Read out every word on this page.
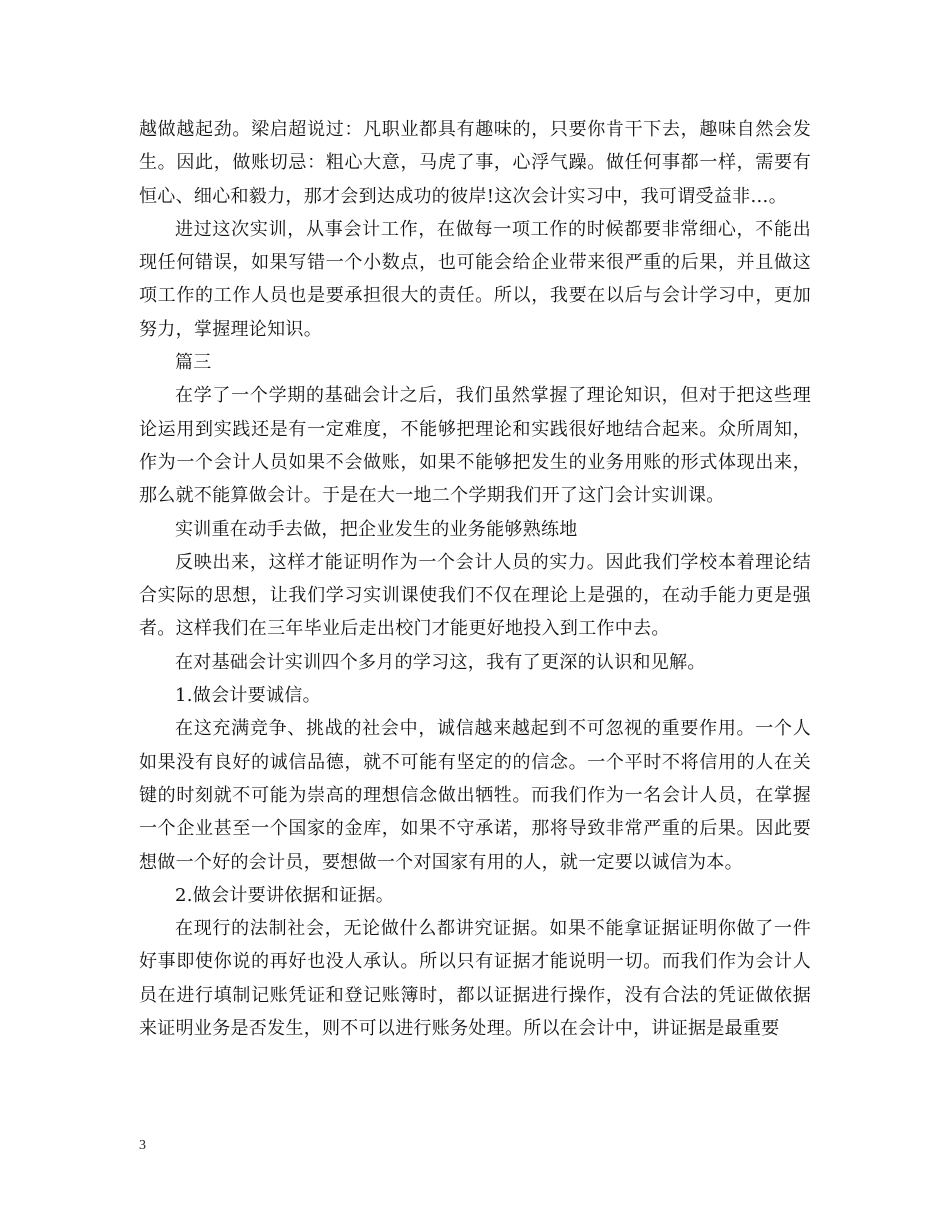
越做越起劲。梁启超说过：凡职业都具有趣味的，只要你肯干下去，趣味自然会发生。因此，做账切忌：粗心大意，马虎了事，心浮气躁。做任何事都一样，需要有恒心、细心和毅力，那才会到达成功的彼岸!这次会计实习中，我可谓受益非…。

进过这次实训，从事会计工作，在做每一项工作的时候都要非常细心，不能出现任何错误，如果写错一个小数点，也可能会给企业带来很严重的后果，并且做这项工作的工作人员也是要承担很大的责任。所以，我要在以后与会计学习中，更加努力，掌握理论知识。

篇三

在学了一个学期的基础会计之后，我们虽然掌握了理论知识，但对于把这些理论运用到实践还是有一定难度，不能够把理论和实践很好地结合起来。众所周知，作为一个会计人员如果不会做账，如果不能够把发生的业务用账的形式体现出来，那么就不能算做会计。于是在大一地二个学期我们开了这门会计实训课。

实训重在动手去做，把企业发生的业务能够熟练地

反映出来，这样才能证明作为一个会计人员的实力。因此我们学校本着理论结合实际的思想，让我们学习实训课使我们不仅在理论上是强的，在动手能力更是强者。这样我们在三年毕业后走出校门才能更好地投入到工作中去。

在对基础会计实训四个多月的学习这，我有了更深的认识和见解。

1.做会计要诚信。

在这充满竞争、挑战的社会中，诚信越来越起到不可忽视的重要作用。一个人如果没有良好的诚信品德，就不可能有坚定的的信念。一个平时不将信用的人在关键的时刻就不可能为崇高的理想信念做出牺牲。而我们作为一名会计人员，在掌握一个企业甚至一个国家的金库，如果不守承诺，那将导致非常严重的后果。因此要想做一个好的会计员，要想做一个对国家有用的人，就一定要以诚信为本。

2.做会计要讲依据和证据。

在现行的法制社会，无论做什么都讲究证据。如果不能拿证据证明你做了一件好事即使你说的再好也没人承认。所以只有证据才能说明一切。而我们作为会计人员在进行填制记账凭证和登记账簿时，都以证据进行操作，没有合法的凭证做依据来证明业务是否发生，则不可以进行账务处理。所以在会计中，讲证据是最重要

3
